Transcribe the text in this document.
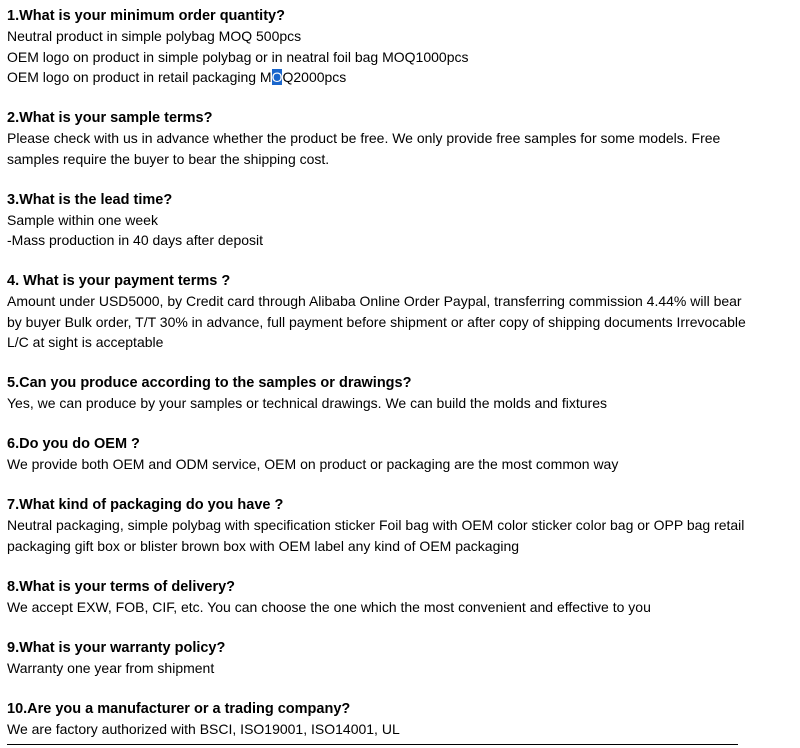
1.What is your minimum order quantity?

Neutral product in simple polybag MOQ 500pcs

OEM logo on product in simple polybag or in neatral foil bag MOQ1000pcs

OEM logo on product in retail packaging MOQ2000pcs

2.What is your sample terms?

Please check with us in advance whether the product be free. We only provide free samples for some models. Free

samples require the buyer to bear the shipping cost.

3.What is the lead time?

Sample within one week

-Mass production in 40 days after deposit

4. What is your payment terms ?

Amount under USD5000, by Credit card through Alibaba Online Order Paypal, transferring commission 4.44% will bear

by buyer Bulk order, T/T 30% in advance, full payment before shipment or after copy of shipping documents Irrevocable

L/C at sight is acceptable

5.Can you produce according to the samples or drawings?

Yes, we can produce by your samples or technical drawings. We can build the molds and fixtures

6.Do you do OEM ?

We provide both OEM and ODM service, OEM on product or packaging are the most common way

7.What kind of packaging do you have ?

Neutral packaging, simple polybag with specification sticker Foil bag with OEM color sticker color bag or OPP bag retail

packaging gift box or blister brown box with OEM label any kind of OEM packaging

8.What is your terms of delivery?

We accept EXW, FOB, CIF, etc. You can choose the one which the most convenient and effective to you

9.What is your warranty policy?

Warranty one year from shipment

10.Are you a manufacturer or a trading company?

We are factory authorized with BSCI, ISO19001, ISO14001, UL
